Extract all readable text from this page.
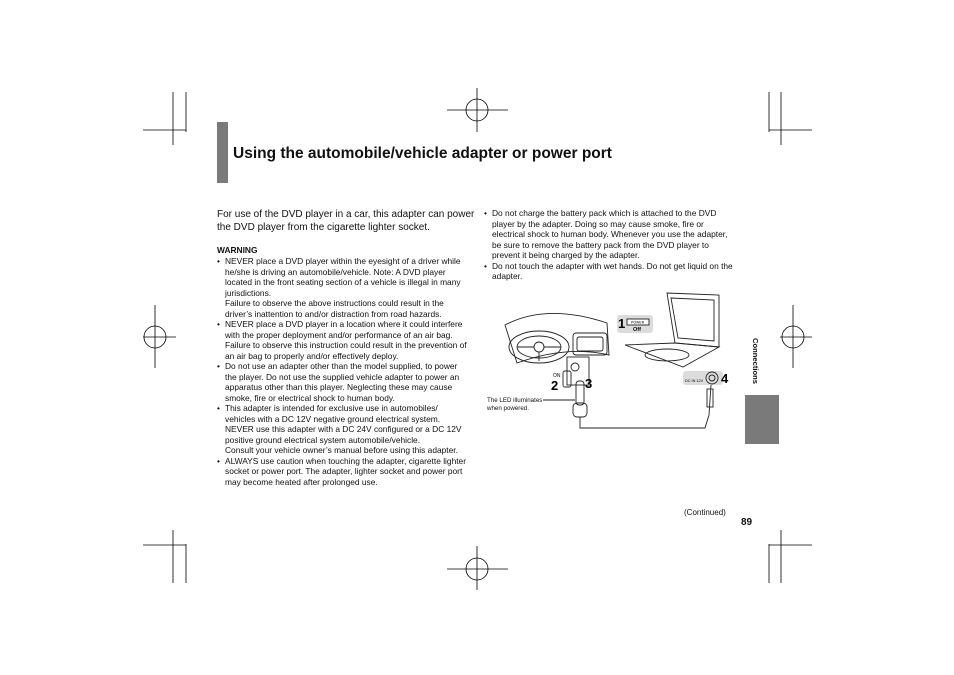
Using the automobile/vehicle adapter or power port
For use of the DVD player in a car, this adapter can power the DVD player from the cigarette lighter socket.
WARNING
• NEVER place a DVD player within the eyesight of a driver while he/she is driving an automobile/vehicle. Note: A DVD player located in the front seating section of a vehicle is illegal in many jurisdictions.
Failure to observe the above instructions could result in the driver’s inattention to and/or distraction from road hazards.
• NEVER place a DVD player in a location where it could interfere with the proper deployment and/or performance of an air bag.
Failure to observe this instruction could result in the prevention of an air bag to properly and/or effectively deploy.
• Do not use an adapter other than the model supplied, to power the player. Do not use the supplied vehicle adapter to power an apparatus other than this player. Neglecting these may cause smoke, fire or electrical shock to human body.
• This adapter is intended for exclusive use in automobiles/ vehicles with a DC 12V negative ground electrical system. NEVER use this adapter with a DC 24V configured or a DC 12V positive ground electrical system automobile/vehicle.
Consult your vehicle owner’s manual before using this adapter.
• ALWAYS use caution when touching the adapter, cigarette lighter socket or power port. The adapter, lighter socket and power port may become heated after prolonged use.
• Do not charge the battery pack which is attached to the DVD player by the adapter. Doing so may cause smoke, fire or electrical shock to human body. Whenever you use the adapter, be sure to remove the battery pack from the DVD player to prevent it being charged by the adapter.
• Do not touch the adapter with wet hands. Do not get liquid on the adapter.
1 POWER
Off
2
ON 3	DC IN 12V 4
The LED illuminates when powered.
Connections
(Continued)
89
